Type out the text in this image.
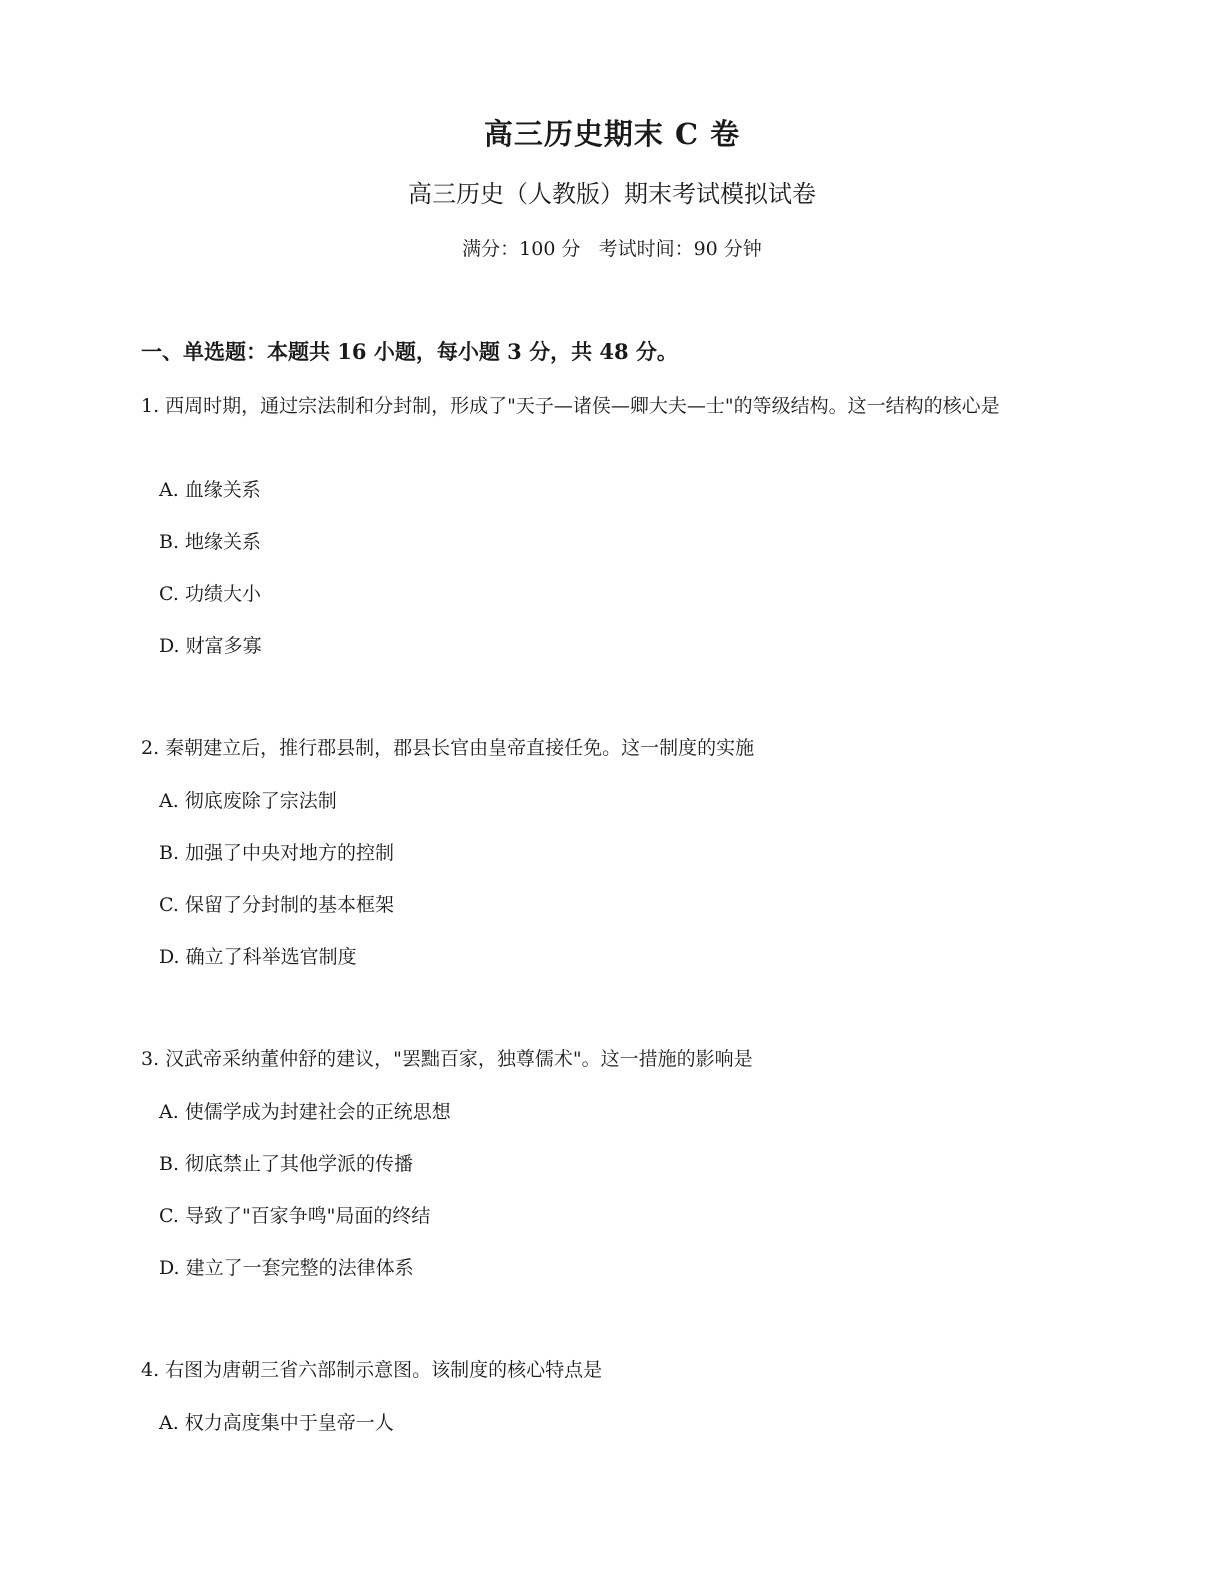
高三历史期末 C 卷
高三历史（人教版）期末考试模拟试卷
满分：100 分   考试时间：90 分钟
一、单选题：本题共 16 小题，每小题 3 分，共 48 分。

1. 西周时期，通过宗法制和分封制，形成了"天子—诸侯—卿大夫—士"的等级结构。这一结构的核心是

A. 血缘关系
B. 地缘关系
C. 功绩大小
D. 财富多寡

2. 秦朝建立后，推行郡县制，郡县长官由皇帝直接任免。这一制度的实施

A. 彻底废除了宗法制
B. 加强了中央对地方的控制
C. 保留了分封制的基本框架
D. 确立了科举选官制度

3. 汉武帝采纳董仲舒的建议，"罢黜百家，独尊儒术"。这一措施的影响是

A. 使儒学成为封建社会的正统思想
B. 彻底禁止了其他学派的传播
C. 导致了"百家争鸣"局面的终结
D. 建立了一套完整的法律体系

4. 右图为唐朝三省六部制示意图。该制度的核心特点是

A. 权力高度集中于皇帝一人
